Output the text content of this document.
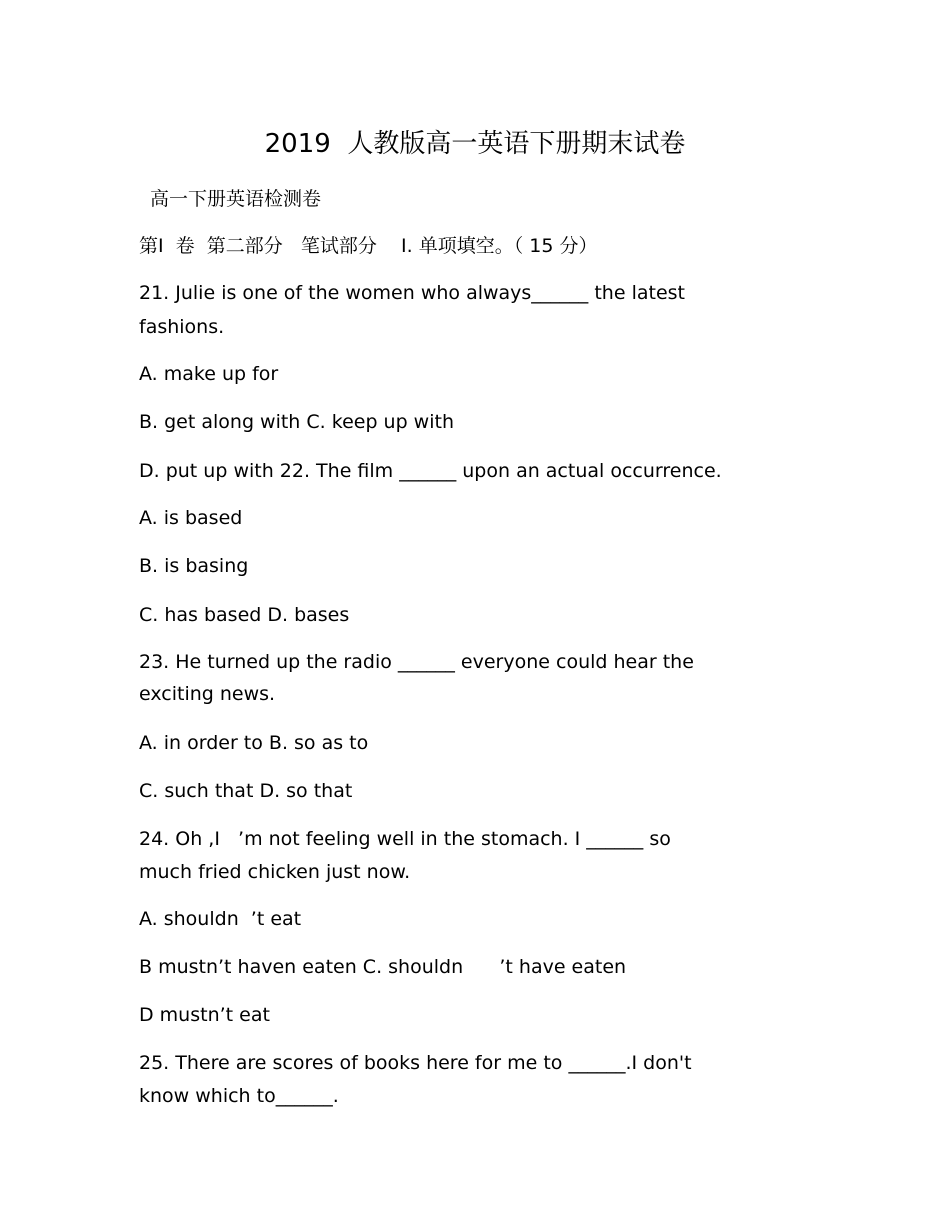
2019  人教版高一英语下册期末试卷
高一下册英语检测卷
第Ⅰ  卷  第二部分   笔试部分    Ⅰ. 单项填空。（ 15 分）
21. Julie is one of the women who always______ the latest
fashions.
A. make up for
B. get along with C. keep up with
D. put up with 22. The film ______ upon an actual occurrence.
A. is based
B. is basing
C. has based D. bases
23. He turned up the radio ______ everyone could hear the
exciting news.
A. in order to B. so as to
C. such that D. so that
24. Oh ,I   ’m not feeling well in the stomach. I ______ so
much fried chicken just now.
A. shouldn  ’t eat
B mustn’t haven eaten C. shouldn      ’t have eaten
D mustn’t eat
25. There are scores of books here for me to ______.I don't
know which to______.
